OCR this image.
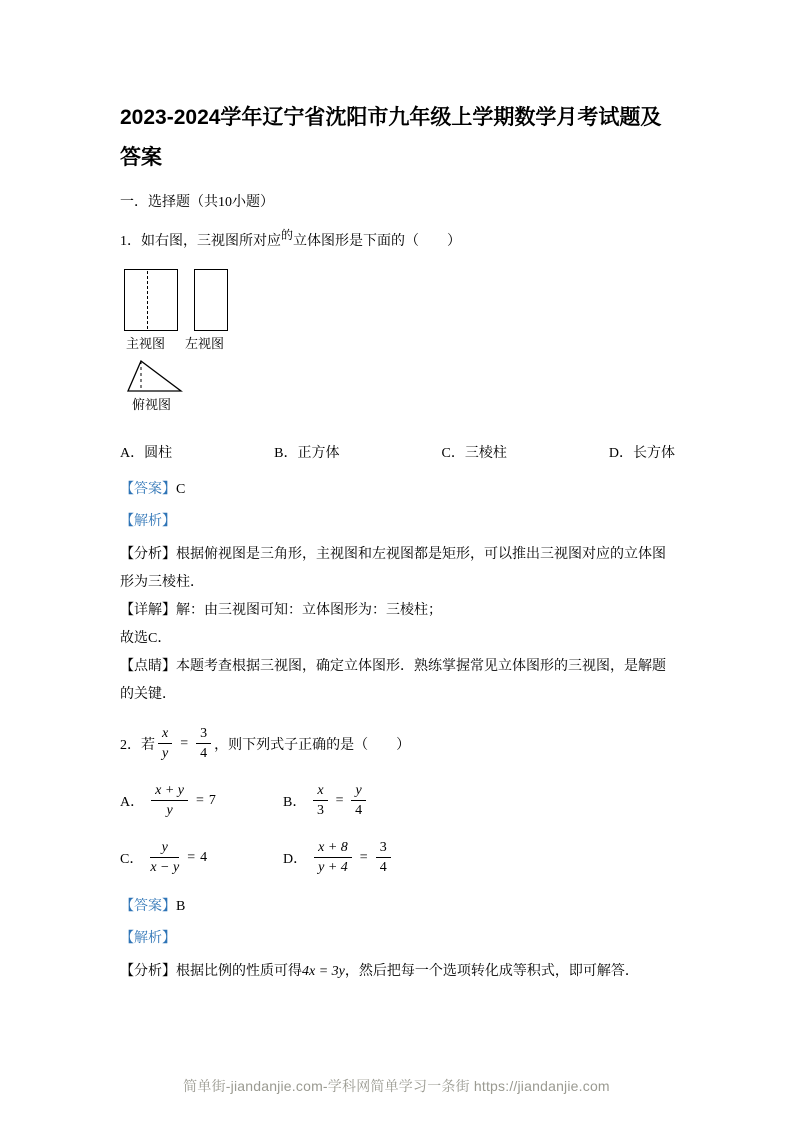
2023-2024学年辽宁省沈阳市九年级上学期数学月考试题及答案

一．选择题（共10小题）

1．如右图，三视图所对应的立体图形是下面的（　　）

主视图 左视图
俯视图
A．圆柱	B．正方体	C．三棱柱	D．长方体

【答案】C

【解析】

【分析】根据俯视图是三角形，主视图和左视图都是矩形，可以推出三视图对应的立体图形为三棱柱．

【详解】解：由三视图可知：立体图形为：三棱柱；

故选C．

【点睛】本题考查根据三视图，确定立体图形．熟练掌握常见立体图形的三视图，是解题的关键．

2．若 $\frac{x}{y} = \frac{3}{4}$ ，则下列式子正确的是（　　）
A． $\frac{x + y}{y} = 7$	B． $\frac{x}{3} = \frac{y}{4}$
C． $\frac{y}{x - y} = 4$	D． $\frac{x + 8}{y + 4} = \frac{3}{4}$

【答案】B

【解析】

【分析】根据比例的性质可得4x = 3y，然后把每一个选项转化成等积式，即可解答．

简单街-jiandanjie.com-学科网简单学习一条街 https://jiandanjie.com
